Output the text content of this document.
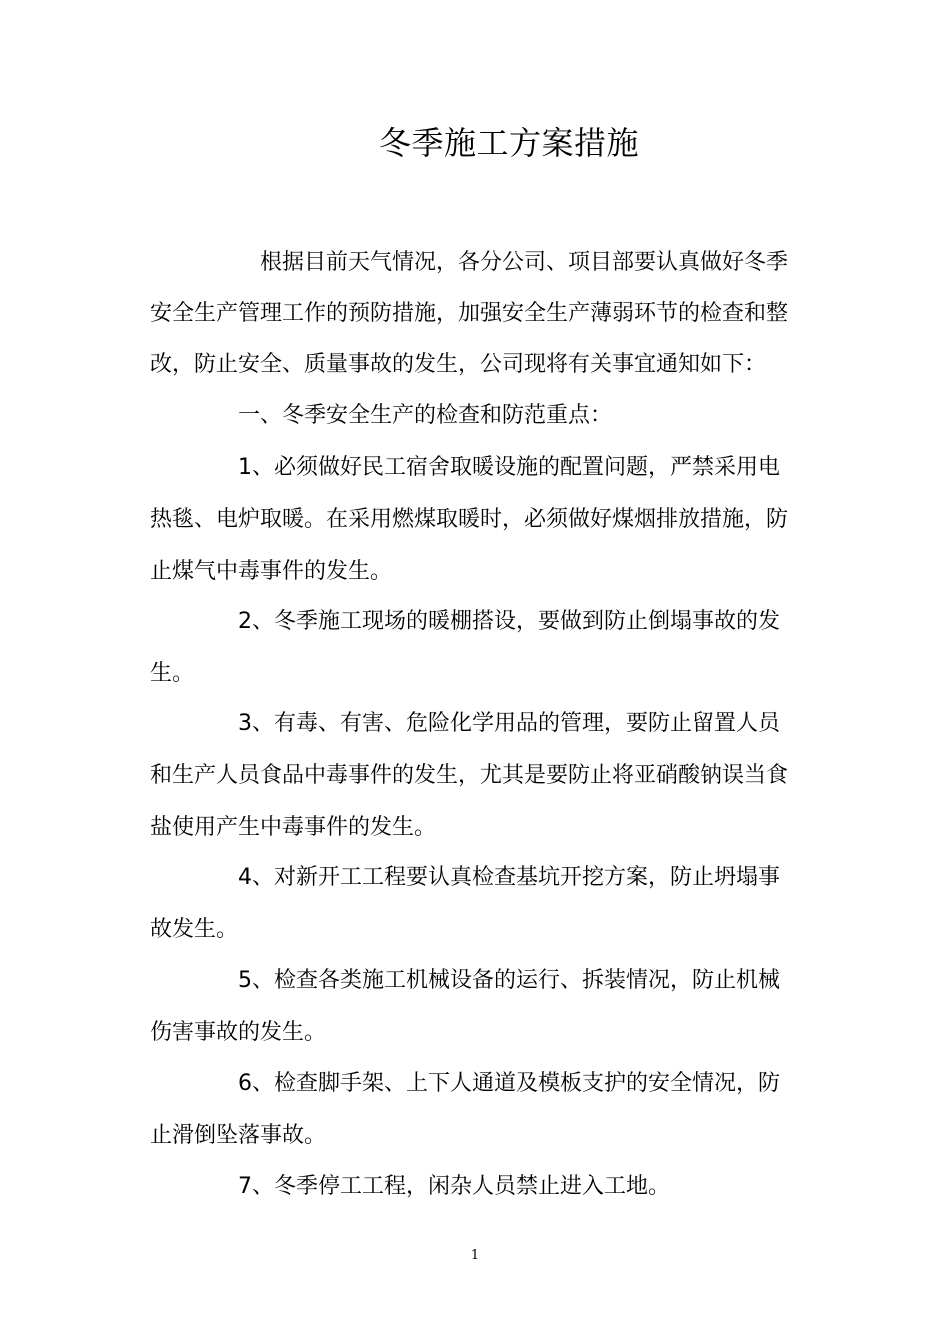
冬季施工方案措施
根据目前天气情况，各分公司、项目部要认真做好冬季
安全生产管理工作的预防措施，加强安全生产薄弱环节的检查和整
改，防止安全、质量事故的发生，公司现将有关事宜通知如下：
一、冬季安全生产的检查和防范重点：
1、必须做好民工宿舍取暖设施的配置问题，严禁采用电
热毯、电炉取暖。在采用燃煤取暖时，必须做好煤烟排放措施，防
止煤气中毒事件的发生。
2、冬季施工现场的暖棚搭设，要做到防止倒塌事故的发
生。
3、有毒、有害、危险化学用品的管理，要防止留置人员
和生产人员食品中毒事件的发生，尤其是要防止将亚硝酸钠误当食
盐使用产生中毒事件的发生。
4、对新开工工程要认真检查基坑开挖方案，防止坍塌事
故发生。
5、检查各类施工机械设备的运行、拆装情况，防止机械
伤害事故的发生。
6、检查脚手架、上下人通道及模板支护的安全情况，防
止滑倒坠落事故。
7、冬季停工工程，闲杂人员禁止进入工地。
1
